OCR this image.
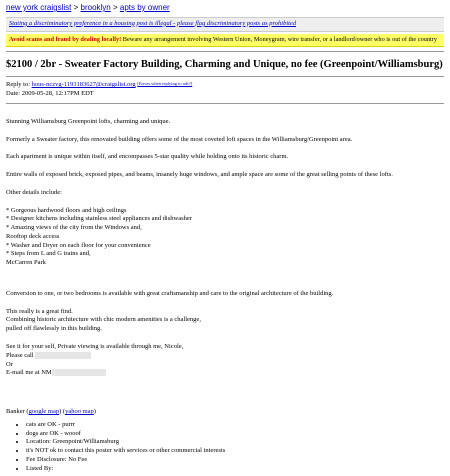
new york craigslist > brooklyn > apts by owner
Stating a discriminatory preference in a housing post is illegal - please flag discriminatory posts as prohibited
Avoid scams and fraud by dealing locally! Beware any arrangement involving Western Union, Moneygram, wire transfer, or a landlord/owner who is out of the country
$2100 / 2br - Sweater Factory Building, Charming and Unique, no fee (Greenpoint/Williamsburg)
Reply to: hous-nczvg-1193183627@craigslist.org [Errors when replying to ads?]
Date: 2009-05-28, 12:17PM EDT

Stunning Williamsburg Greenpoint lofts, charming and unique.

Formerly a Sweater factory, this renovated building offers some of the most coveted loft spaces in the Williamsburg/Greenpoint area.

Each apartment is unique within itself, and encompasses 5-star quality while holding onto its historic charm.

Entire walls of exposed brick, exposed pipes, and beams, insanely huge windows, and ample space are some of the great selling points of these lofts.

Other details include:

* Gorgeous hardwood floors and high ceilings
* Designer kitchens including stainless steel appliances and dishwasher
* Amazing views of the city from the Windows and,
Rooftop deck access
* Washer and Dryer on each floor for your convenience
* Steps from L and G trains and,
McCarren Park

Conversion to one, or two bedrooms is available with great craftsmanship and care to the original architecture of the building.

This really is a great find.
Combining historic architecture with chic modern amenities is a challenge,
pulled off flawlessly in this building.

See it for your self, Private viewing is available through me, Nicole,
Please call
Or
E-mail me at NM

Banker (google map) (yahoo map)

• cats are OK - purrr
• dogs are OK - wooof
• Location: Greenpoint/Williamsburg
• it's NOT ok to contact this poster with services or other commercial interests
• Fee Disclosure: No Fee
• Listed By:
